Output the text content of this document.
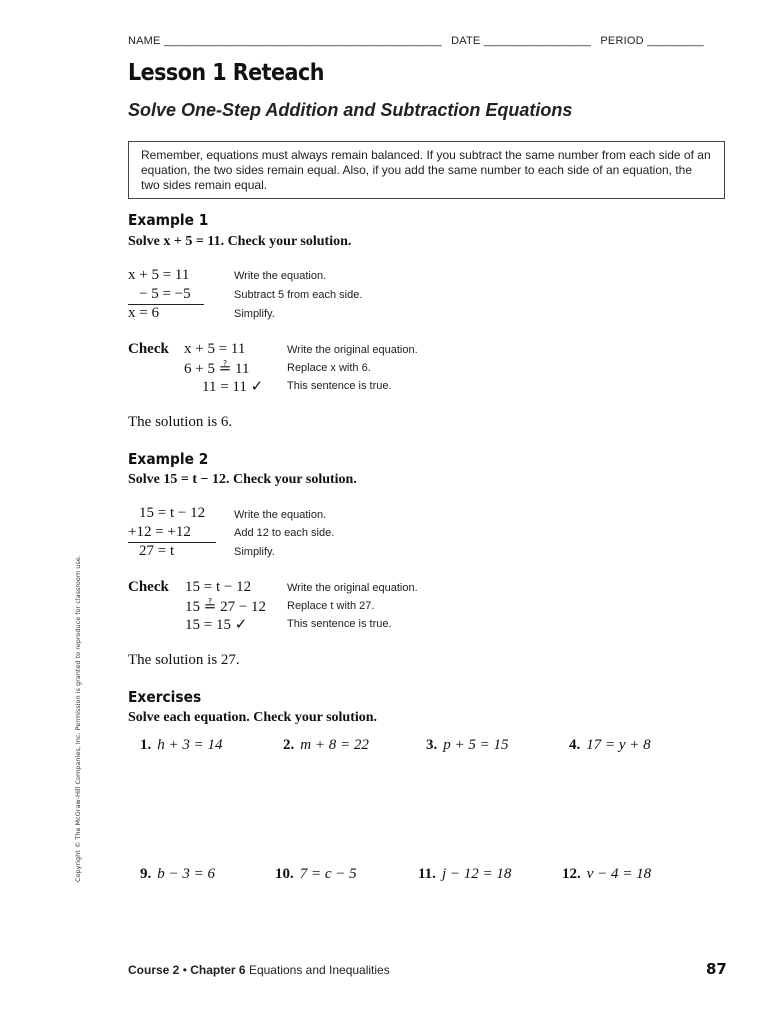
NAME ____________________________________________ DATE _________________ PERIOD _________
Lesson 1 Reteach
Solve One-Step Addition and Subtraction Equations
Remember, equations must always remain balanced. If you subtract the same number from each side of an equation, the two sides remain equal. Also, if you add the same number to each side of an equation, the two sides remain equal.
Example 1
Solve x + 5 = 11. Check your solution.
x + 5 = 11	Write the equation.
− 5 = −5	Subtract 5 from each side.
x = 6	Simplify.
Check x + 5 = 11	Write the original equation.
6 + 5 ≟ 11	Replace x with 6.
11 = 11 ✓ This sentence is true.
The solution is 6.
Example 2
Solve 15 = t − 12. Check your solution.
15 = t − 12	Write the equation.
+12 = +12	Add 12 to each side.
27 = t	Simplify.
Check 15 = t − 12	Write the original equation.
15 ≟ 27 − 12 Replace t with 27.
15 = 15 ✓	This sentence is true.
The solution is 27.
Exercises
Solve each equation. Check your solution.
1. h + 3 = 14	2. m + 8 = 22	3. p + 5 = 15	4. 17 = y + 8
9. b − 3 = 6	10. 7 = c − 5	11. j − 12 = 18	12. v − 4 = 18
Copyright © The McGraw-Hill Companies, Inc. Permission is granted to reproduce for classroom use.
Course 2 • Chapter 6 Equations and Inequalities	87
